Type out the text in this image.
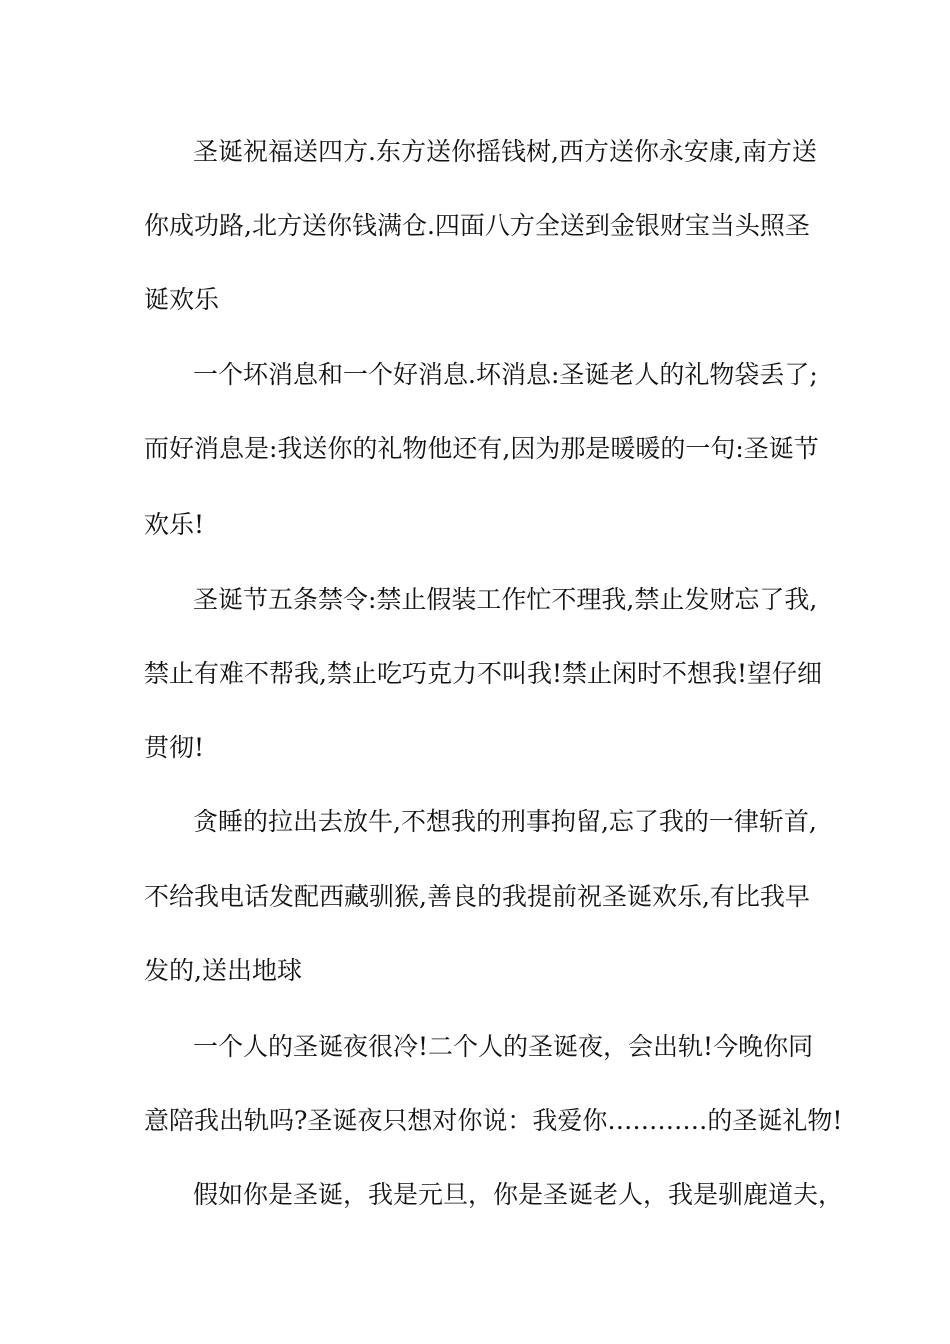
圣诞祝福送四方.东方送你摇钱树,西方送你永安康,南方送

你成功路,北方送你钱满仓.四面八方全送到金银财宝当头照圣

诞欢乐

一个坏消息和一个好消息.坏消息:圣诞老人的礼物袋丢了;

而好消息是:我送你的礼物他还有,因为那是暖暖的一句:圣诞节

欢乐!

圣诞节五条禁令:禁止假装工作忙不理我,禁止发财忘了我,

禁止有难不帮我,禁止吃巧克力不叫我!禁止闲时不想我!望仔细

贯彻!

贪睡的拉出去放牛,不想我的刑事拘留,忘了我的一律斩首,

不给我电话发配西藏驯猴,善良的我提前祝圣诞欢乐,有比我早

发的,送出地球

一个人的圣诞夜很冷!二个人的圣诞夜，会出轨!今晚你同

意陪我出轨吗?圣诞夜只想对你说：我爱你…………的圣诞礼物!

假如你是圣诞，我是元旦，你是圣诞老人，我是驯鹿道夫，
